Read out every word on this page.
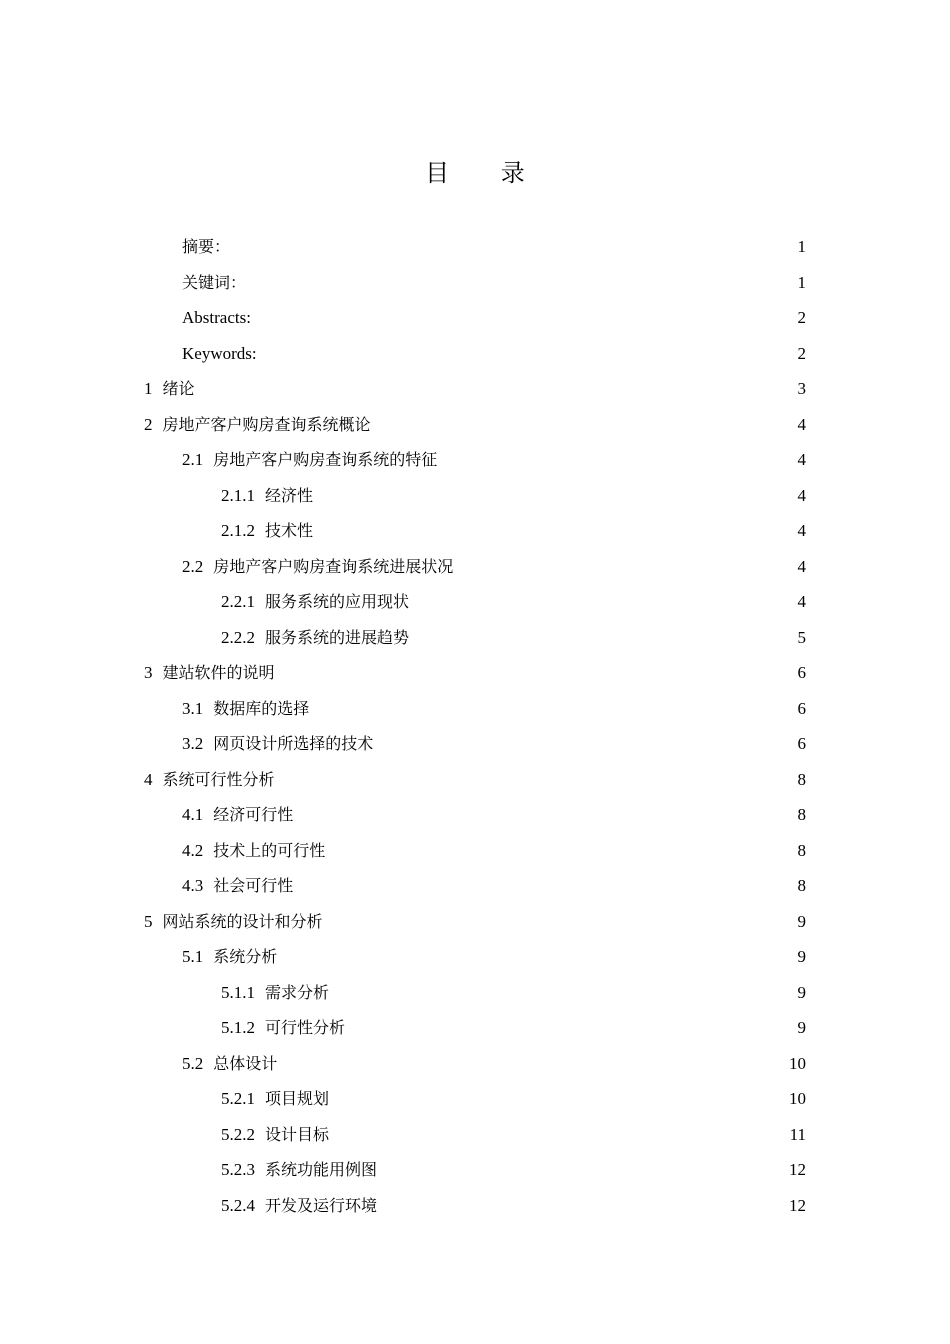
目 录
摘要：	1
关键词：	1
Abstracts:	2
Keywords:	2
1 绪论	3
2 房地产客户购房查询系统概论	4
2.1 房地产客户购房查询系统的特征	4
2.1.1 经济性	4
2.1.2 技术性	4
2.2 房地产客户购房查询系统进展状况	4
2.2.1 服务系统的应用现状	4
2.2.2 服务系统的进展趋势	5
3 建站软件的说明	6
3.1 数据库的选择	6
3.2 网页设计所选择的技术	6
4 系统可行性分析	8
4.1 经济可行性	8
4.2 技术上的可行性	8
4.3 社会可行性	8
5 网站系统的设计和分析	9
5.1 系统分析	9
5.1.1 需求分析	9
5.1.2 可行性分析	9
5.2 总体设计	10
5.2.1 项目规划	10
5.2.2 设计目标	11
5.2.3 系统功能用例图	12
5.2.4 开发及运行环境	12
